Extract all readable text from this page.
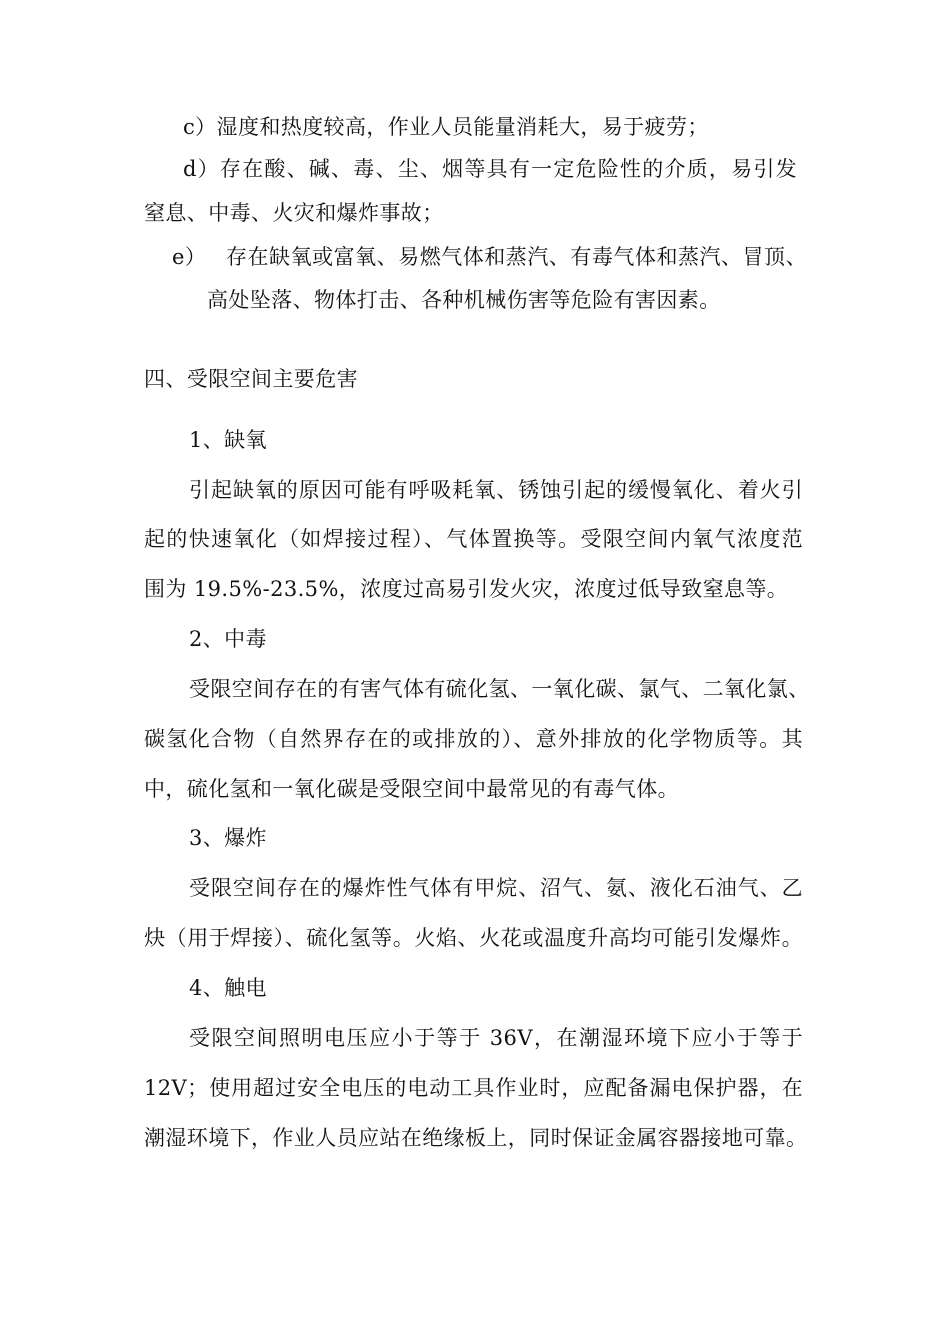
c）湿度和热度较高，作业人员能量消耗大，易于疲劳；
d）存在酸、碱、毒、尘、烟等具有一定危险性的介质，易引发
窒息、中毒、火灾和爆炸事故；
e） 存在缺氧或富氧、易燃气体和蒸汽、有毒气体和蒸汽、冒顶、
高处坠落、物体打击、各种机械伤害等危险有害因素。
四、受限空间主要危害
1、缺氧
引起缺氧的原因可能有呼吸耗氧、锈蚀引起的缓慢氧化、着火引
起的快速氧化（如焊接过程）、气体置换等。受限空间内氧气浓度范
围为 19.5%-23.5%，浓度过高易引发火灾，浓度过低导致窒息等。
2、中毒
受限空间存在的有害气体有硫化氢、一氧化碳、氯气、二氧化氯、
碳氢化合物（自然界存在的或排放的）、意外排放的化学物质等。其
中，硫化氢和一氧化碳是受限空间中最常见的有毒气体。
3、爆炸
受限空间存在的爆炸性气体有甲烷、沼气、氨、液化石油气、乙
炔（用于焊接）、硫化氢等。火焰、火花或温度升高均可能引发爆炸。
4、触电
受限空间照明电压应小于等于 36V，在潮湿环境下应小于等于
12V；使用超过安全电压的电动工具作业时，应配备漏电保护器，在
潮湿环境下，作业人员应站在绝缘板上，同时保证金属容器接地可靠。
